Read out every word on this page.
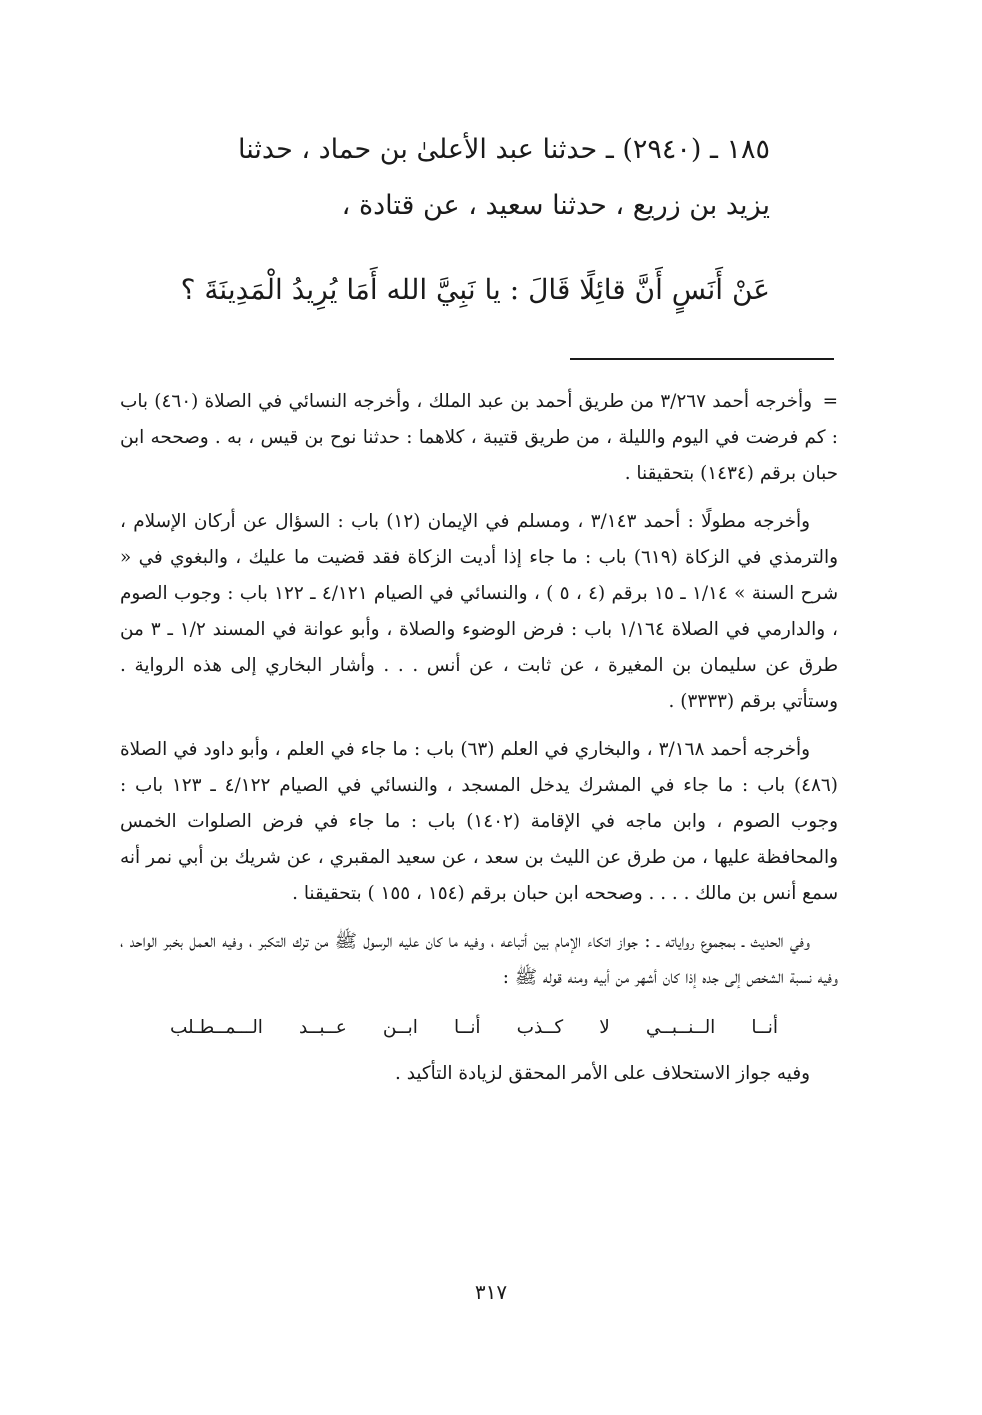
١٨٥ ـ (٢٩٤٠) ـ حدثنا عبد الأعلىٰ بن حماد ، حدثنا
يزيد بن زريع ، حدثنا سعيد ، عن قتادة ،
عَنْ أَنَسٍ أَنَّ قائِلًا قَالَ : يا نَبِيَّ الله أَمَا يُرِيدُ الْمَدِينَةَ ؟

=وأخرجه أحمد ٣/٢٦٧ من طريق أحمد بن عبد الملك ، وأخرجه النسائي في الصلاة (٤٦٠) باب : كم فرضت في اليوم والليلة ، من طريق قتيبة ، كلاهما : حدثنا نوح بن قيس ، به . وصححه ابن حبان برقم (١٤٣٤) بتحقيقنا .

وأخرجه مطولًا : أحمد ٣/١٤٣ ، ومسلم في الإيمان (١٢) باب : السؤال عن أركان الإسلام ، والترمذي في الزكاة (٦١٩) باب : ما جاء إذا أديت الزكاة فقد قضيت ما عليك ، والبغوي في « شرح السنة » ١/١٤ ـ ١٥ برقم (٤ ، ٥ ) ، والنسائي في الصيام ٤/١٢١ ـ ١٢٢ باب : وجوب الصوم ، والدارمي في الصلاة ١/١٦٤ باب : فرض الوضوء والصلاة ، وأبو عوانة في المسند ١/٢ ـ ٣ من طرق عن سليمان بن المغيرة ، عن ثابت ، عن أنس . . . وأشار البخاري إلى هذه الرواية . وستأتي برقم (٣٣٣٣) .

وأخرجه أحمد ٣/١٦٨ ، والبخاري في العلم (٦٣) باب : ما جاء في العلم ، وأبو داود في الصلاة (٤٨٦) باب : ما جاء في المشرك يدخل المسجد ، والنسائي في الصيام ٤/١٢٢ ـ ١٢٣ باب : وجوب الصوم ، وابن ماجه في الإقامة (١٤٠٢) باب : ما جاء في فرض الصلوات الخمس والمحافظة عليها ، من طرق عن الليث بن سعد ، عن سعيد المقبري ، عن شريك بن أبي نمر أنه سمع أنس بن مالك . . . . وصححه ابن حبان برقم (١٥٤ ، ١٥٥ ) بتحقيقنا .

وفي الحديث ـ بمجموع رواياته ـ : جواز اتكاء الإمام بين أتباعه ، وفيه ما كان عليه الرسول ﷺ من ترك التكبر ، وفيه العمل بخبر الواحد ، وفيه نسبة الشخص إلى جده إذا كان أشهر من أبيه ومنه قوله ﷺ :

أنــا
الــنــبــي
لا
كــذب
أنــا
ابــن
عــبــد
الـــمــطـلب

وفيه جواز الاستحلاف على الأمر المحقق لزيادة التأكيد .

٣١٧
